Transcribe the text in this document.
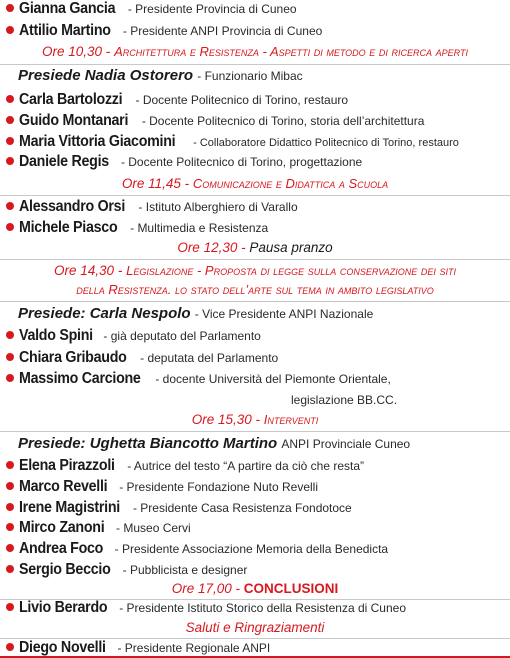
Gianna Gancia - Presidente Provincia di Cuneo
Attilio Martino - Presidente ANPI Provincia di Cuneo
Ore 10,30 - Architettura e Resistenza - Aspetti di metodo e di ricerca aperti
Presiede Nadia Ostorero - Funzionario Mibac
Carla Bartolozzi - Docente Politecnico di Torino, restauro
Guido Montanari - Docente Politecnico di Torino, storia dell’architettura
Maria Vittoria Giacomini - Collaboratore Didattico Politecnico di Torino, restauro
Daniele Regis - Docente Politecnico di Torino, progettazione
Ore 11,45 - Comunicazione e Didattica a Scuola
Alessandro Orsi - Istituto Alberghiero di Varallo
Michele Piasco - Multimedia e Resistenza
Ore 12,30 - Pausa pranzo
Ore 14,30 - Legislazione - Proposta di legge sulla conservazione dei siti
della Resistenza. lo stato dell’arte sul tema in ambito legislativo
Presiede: Carla Nespolo - Vice Presidente ANPI Nazionale
Valdo Spini - già deputato del Parlamento
Chiara Gribaudo - deputata del Parlamento
Massimo Carcione - docente Università del Piemonte Orientale,
legislazione BB.CC.
Ore 15,30 - Interventi
Presiede: Ughetta Biancotto Martino ANPI Provinciale Cuneo
Elena Pirazzoli - Autrice del testo “A partire da ciò che resta”
Marco Revelli - Presidente Fondazione Nuto Revelli
Irene Magistrini - Presidente Casa Resistenza Fondotoce
Mirco Zanoni - Museo Cervi
Andrea Foco - Presidente Associazione Memoria della Benedicta
Sergio Beccio - Pubblicista e designer
Ore 17,00 - CONCLUSIONI
Livio Berardo - Presidente Istituto Storico della Resistenza di Cuneo
Saluti e Ringraziamenti
Diego Novelli - Presidente Regionale ANPI
